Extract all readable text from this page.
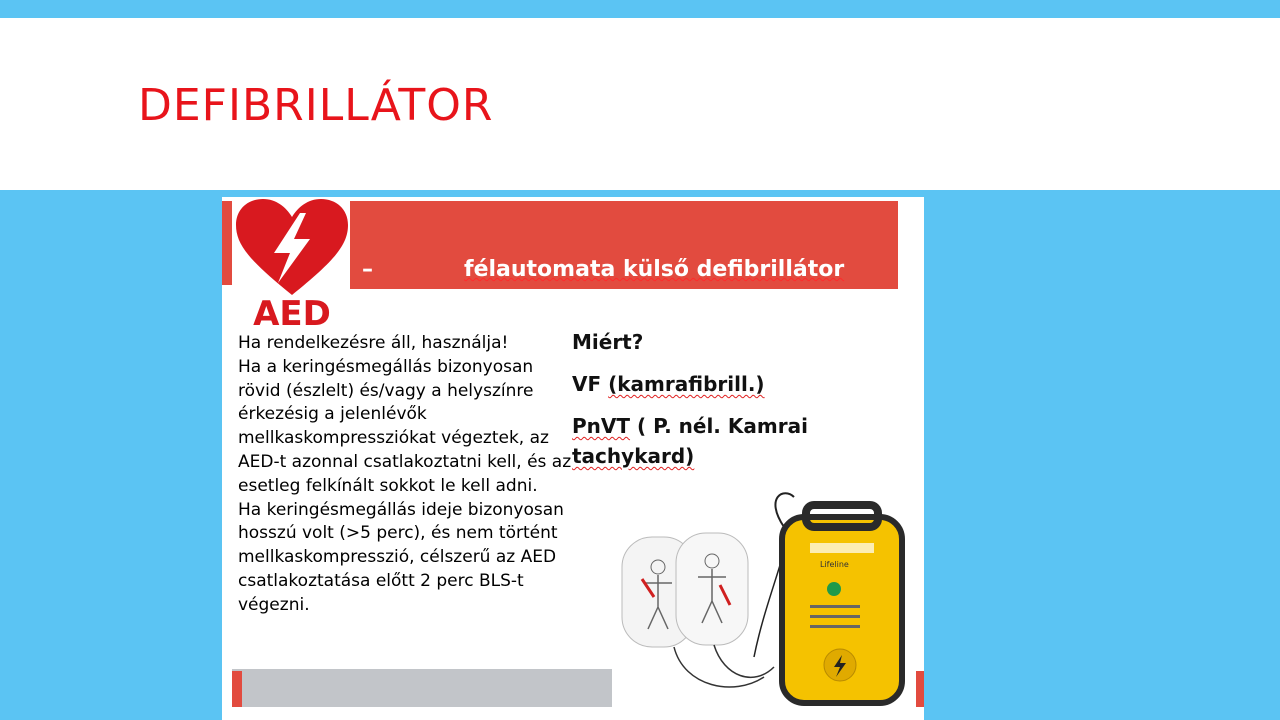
DEFIBRILLÁTOR
–	félautomata külső defibrillátor
AED

Ha rendelkezésre áll, használja!

Ha a keringésmegállás bizonyosan rövid (észlelt) és/vagy a helyszínre érkezésig a jelenlévők mellkaskompressziókat végeztek, az AED-t azonnal csatlakoztatni kell, és az esetleg felkínált sokkot le kell adni.

Ha keringésmegállás ideje bizonyosan hosszú volt (>5 perc), és nem történt mellkaskompresszió, célszerű az AED csatlakoztatása előtt 2 perc BLS-t végezni.

Miért?

VF (kamrafibrill.)

PnVT ( P. nél. Kamrai

tachykard)

Lifeline
